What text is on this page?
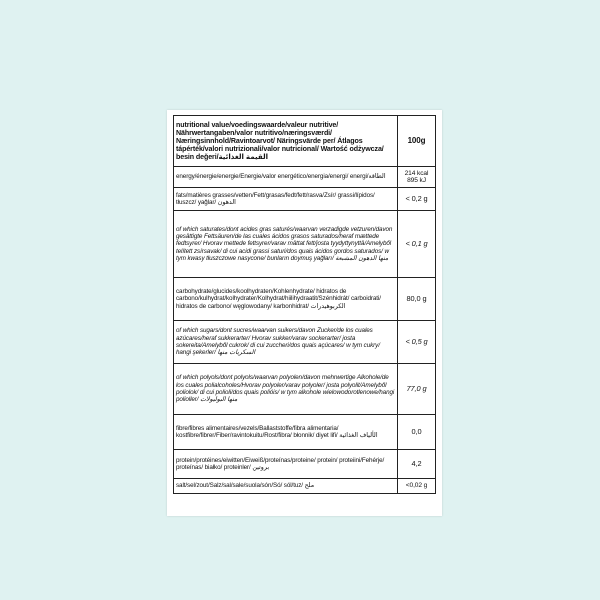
nutritional value/voedingswaarde/valeur nutritive/ Nährwertangaben/valor nutritivo/næringsværdi/ Næringsinnhold/Ravintoarvot/ Näringsvärde per/ Átlagos tápérték/valori nutrizionali/valor nutricional/ Wartość odżywcza/ besin değeri/القيمة الغذائية	100g
energy/énergie/energie/Energie/valor energético/energia/energi/ energi/الطاقة	214 kcal 895 kJ
fats/matières grasses/vetten/Fett/grasas/fedt/fett/rasva/Zsír/ grassi/lípidos/ tłuszcz/ yağlar/ الدهون	< 0,2 g
of which saturates/dont acides gras saturés/waarvan verzadigde vetzuren/davon gesättigte Fettsäuren/de las cuales ácidos grasos saturados/heraf mættede fedtsyrer/ Hvorav mettede fettsyrer/varav mättat fett/josta tyydyttynyttä/Amelyből telített zsírsavak/ di cui acidi grassi saturi/dos quais ácidos gordos saturados/ w tym kwasy tłuszczowe nasycone/ bunların doymuş yağları/ منها الدهون المشبعة	< 0,1 g
carbohydrate/glucides/koolhydraten/Kohlenhydrate/ hidratos de carbono/kulhydrat/kolhydrater/Kolhydrat/hiilihydraatit/Szénhidrát/ carboidrati/ hidratos de carbono/ węglowodany/ karbonhidrat/ الكربوهيدرات	80,0 g
of which sugars/dont sucres/waarvan suikers/davon Zucker/de los cuales azúcares/heraf sukkerarter/ Hvorav sukker/varav sockerarter/ josta sokereita/Amelyből cukrok/ di cui zuccheri/dos quais açúcares/ w tym cukry/ hangi şekerler/ السكريات منها	< 0,5 g
of which polyols/dont polyols/waarvan polyolen/davon mehrwertige Alkohole/de los cuales polialcoholes/Hvorav polyoler/varav polyoler/ josta polyolit/Amelyből poliolok/ di cui polioli/dos quais polióis/ w tym alkohole wielowodorotlenowe/hangi polioller/ منها البوليولات	77,0 g
fibre/fibres alimentaires/vezels/Ballaststoffe/fibra alimentaria/ kostfibre/fibrer/Fiber/ravintokuitu/Rost/fibra/ błonnik/ diyet lifi/ الألياف الغذائية	0,0
protein/protéines/eiwitten/Eiweiß/proteínas/proteine/ protein/ proteiini/Fehérje/ proteínas/ białko/ proteinler/ بروتين	4,2
salt/sel/zout/Salz/sal/sale/suola/són/Só/ sól/tuz/ ملح	<0,02 g
